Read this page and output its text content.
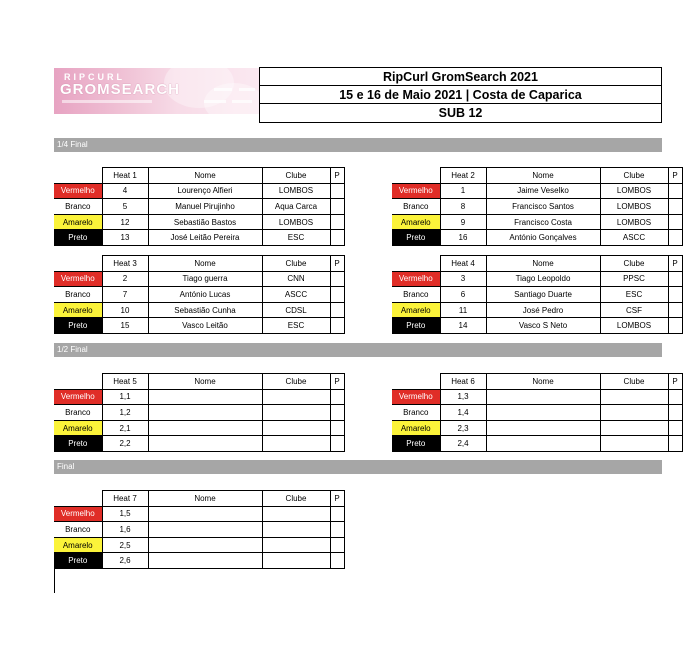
RIPCURL
GROMSEARCH
RipCurl GromSearch 2021
15 e 16 de Maio 2021 | Costa de Caparica
SUB 12
1/4 Final
1/2 Final
Final
	Heat 1	Nome	Clube	P
Vermelho	4	Lourenço Alfieri	LOMBOS	
Branco	5	Manuel Pirujinho	Aqua Carca	
Amarelo	12	Sebastião Bastos	LOMBOS	
Preto	13	José Leitão Pereira	ESC	
	Heat 2	Nome	Clube	P
Vermelho	1	Jaime Veselko	LOMBOS	
Branco	8	Francisco Santos	LOMBOS	
Amarelo	9	Francisco Costa	LOMBOS	
Preto	16	António Gonçalves	ASCC	
	Heat 3	Nome	Clube	P
Vermelho	2	Tiago guerra	CNN	
Branco	7	António Lucas	ASCC	
Amarelo	10	Sebastião Cunha	CDSL	
Preto	15	Vasco Leitão	ESC	
	Heat 4	Nome	Clube	P
Vermelho	3	Tiago Leopoldo	PPSC	
Branco	6	Santiago Duarte	ESC	
Amarelo	11	José Pedro	CSF	
Preto	14	Vasco S Neto	LOMBOS	
	Heat 5	Nome	Clube	P
Vermelho	1,1			
Branco	1,2			
Amarelo	2,1			
Preto	2,2			
	Heat 6	Nome	Clube	P
Vermelho	1,3			
Branco	1,4			
Amarelo	2,3			
Preto	2,4			
	Heat 7	Nome	Clube	P
Vermelho	1,5			
Branco	1,6			
Amarelo	2,5			
Preto	2,6			
